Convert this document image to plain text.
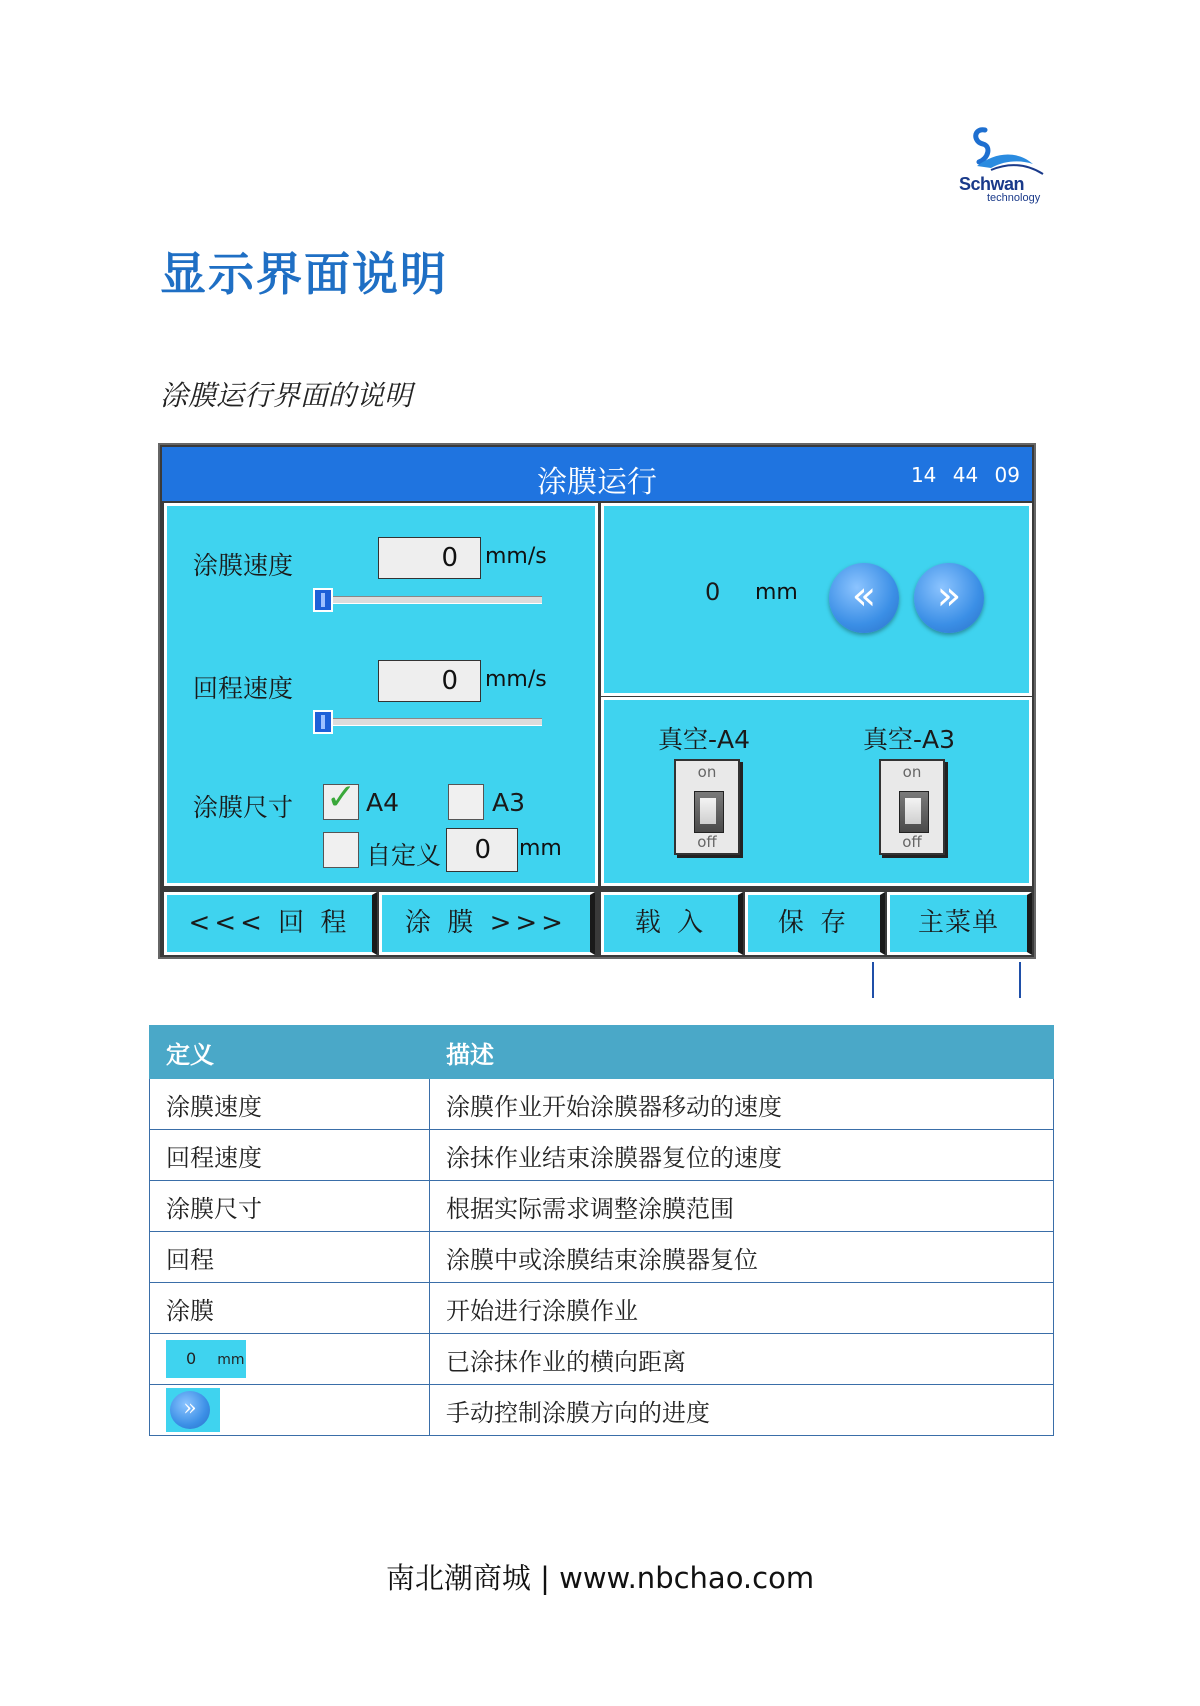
Schwan
technology
显示界面说明
涂膜运行界面的说明
涂膜运行	14 44 09
涂膜速度	0	mm/s
回程速度	0	mm/s
涂膜尺寸 ✓ A4	A3
自定义	0	mm
0 mm	«	»
真空-A4
on
off
真空-A3
on
off
<<< 回 程	涂 膜 >>>	载 入	保 存	主菜单
定义	描述
涂膜速度	涂膜作业开始涂膜器移动的速度
回程速度	涂抹作业结束涂膜器复位的速度
涂膜尺寸	根据实际需求调整涂膜范围
回程	涂膜中或涂膜结束涂膜器复位
涂膜	开始进行涂膜作业
0 mm	已涂抹作业的横向距离

»	手动控制涂膜方向的进度
南北潮商城 | www.nbchao.com
